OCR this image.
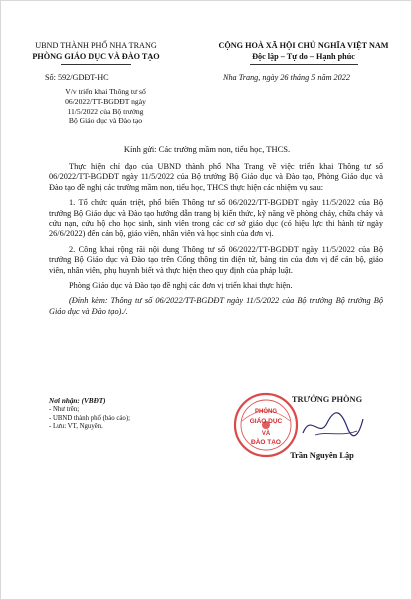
UBND THÀNH PHỐ NHA TRANG
PHÒNG GIÁO DỤC VÀ ĐÀO TẠO
CỘNG HOÀ XÃ HỘI CHỦ NGHĨA VIỆT NAM
Độc lập – Tự do – Hạnh phúc
Số: 592/GDĐT-HC	Nha Trang, ngày 26 tháng 5 năm 2022
V/v triển khai Thông tư số
06/2022/TT-BGDĐT ngày
11/5/2022 của Bộ trưởng
Bộ Giáo dục và Đào tạo
Kính gửi: Các trường mầm non, tiểu học, THCS.

Thực hiện chỉ đạo của UBND thành phố Nha Trang về việc triển khai Thông tư số 06/2022/TT-BGDĐT ngày 11/5/2022 của Bộ trưởng Bộ Giáo dục và Đào tạo, Phòng Giáo dục và Đào tạo đề nghị các trường mầm non, tiểu học, THCS thực hiện các nhiệm vụ sau:

1. Tổ chức quán triệt, phổ biến Thông tư số 06/2022/TT-BGDĐT ngày 11/5/2022 của Bộ trưởng Bộ Giáo dục và Đào tạo hướng dẫn trang bị kiến thức, kỹ năng về phòng cháy, chữa cháy và cứu nạn, cứu hộ cho học sinh, sinh viên trong các cơ sở giáo dục (có hiệu lực thi hành từ ngày 26/6/2022) đến cán bộ, giáo viên, nhân viên và học sinh của đơn vị.

2. Công khai rộng rãi nội dung Thông tư số 06/2022/TT-BGDĐT ngày 11/5/2022 của Bộ trưởng Bộ Giáo dục và Đào tạo trên Cổng thông tin điện tử, bảng tin của đơn vị để cán bộ, giáo viên, nhân viên, phụ huynh biết và thực hiện theo quy định của pháp luật.

Phòng Giáo dục và Đào tạo đề nghị các đơn vị triển khai thực hiện.

(Đính kèm: Thông tư số 06/2022/TT-BGDĐT ngày 11/5/2022 của Bộ trưởng Bộ trưởng Bộ Giáo dục và Đào tạo)./.

Nơi nhận: (VBĐT)
- Như trên;
- UBND thành phố (báo cáo);
- Lưu: VT, Nguyên.
PHÒNG
GIÁO DỤC
VÀ
ĐÀO TẠO
TRƯỞNG PHÒNG
Trần Nguyên Lập
